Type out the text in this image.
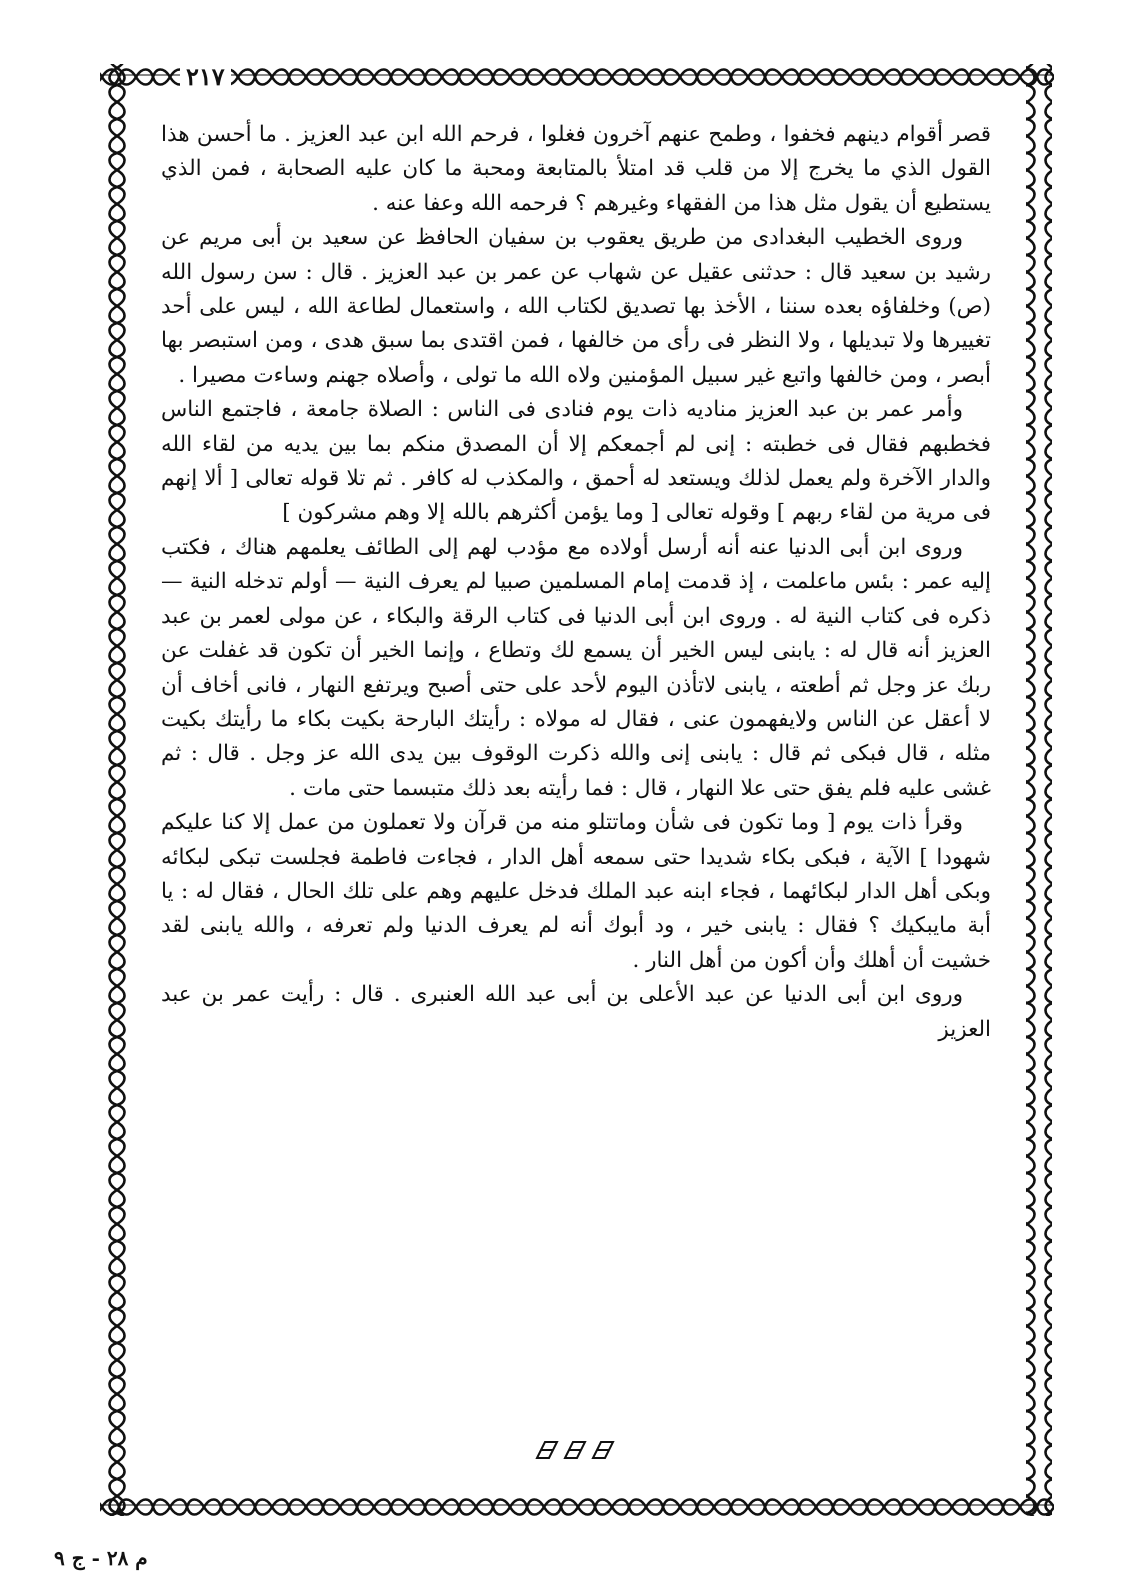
٢١٧

قصر أقوام دينهم فخفوا ، وطمح عنهم آخرون فغلوا ، فرحم الله ابن عبد العزيز . ما أحسن هذا القول الذي ما يخرج إلا من قلب قد امتلأ بالمتابعة ومحبة ما كان عليه الصحابة ، فمن الذي يستطيع أن يقول مثل هذا من الفقهاء وغيرهم ؟ فرحمه الله وعفا عنه .

وروى الخطيب البغدادى من طريق يعقوب بن سفيان الحافظ عن سعيد بن أبى مريم عن رشيد بن سعيد قال : حدثنى عقيل عن شهاب عن عمر بن عبد العزيز . قال : سن رسول الله (ص) وخلفاؤه بعده سننا ، الأخذ بها تصديق لكتاب الله ، واستعمال لطاعة الله ، ليس على أحد تغييرها ولا تبديلها ، ولا النظر فى رأى من خالفها ، فمن اقتدى بما سبق هدى ، ومن استبصر بها أبصر ، ومن خالفها واتبع غير سبيل المؤمنين ولاه الله ما تولى ، وأصلاه جهنم وساءت مصيرا .

وأمر عمر بن عبد العزيز مناديه ذات يوم فنادى فى الناس : الصلاة جامعة ، فاجتمع الناس فخطبهم فقال فى خطبته : إنى لم أجمعكم إلا أن المصدق منكم بما بين يديه من لقاء الله والدار الآخرة ولم يعمل لذلك ويستعد له أحمق ، والمكذب له كافر . ثم تلا قوله تعالى [ ألا إنهم فى مرية من لقاء ربهم ] وقوله تعالى [ وما يؤمن أكثرهم بالله إلا وهم مشركون ]

وروى ابن أبى الدنيا عنه أنه أرسل أولاده مع مؤدب لهم إلى الطائف يعلمهم هناك ، فكتب إليه عمر : بئس ماعلمت ، إذ قدمت إمام المسلمين صبيا لم يعرف النية — أولم تدخله النية — ذكره فى كتاب النية له . وروى ابن أبى الدنيا فى كتاب الرقة والبكاء ، عن مولى لعمر بن عبد العزيز أنه قال له : يابنى ليس الخير أن يسمع لك وتطاع ، وإنما الخير أن تكون قد غفلت عن ربك عز وجل ثم أطعته ، يابنى لاتأذن اليوم لأحد على حتى أصبح ويرتفع النهار ، فانى أخاف أن لا أعقل عن الناس ولايفهمون عنى ، فقال له مولاه : رأيتك البارحة بكيت بكاء ما رأيتك بكيت مثله ، قال فبكى ثم قال : يابنى إنى والله ذكرت الوقوف بين يدى الله عز وجل . قال : ثم غشى عليه فلم يفق حتى علا النهار ، قال : فما رأيته بعد ذلك متبسما حتى مات .

وقرأ ذات يوم [ وما تكون فى شأن وماتتلو منه من قرآن ولا تعملون من عمل إلا كنا عليكم شهودا ] الآية ، فبكى بكاء شديدا حتى سمعه أهل الدار ، فجاءت فاطمة فجلست تبكى لبكائه وبكى أهل الدار لبكائهما ، فجاء ابنه عبد الملك فدخل عليهم وهم على تلك الحال ، فقال له : يا أبة مايبكيك ؟ فقال : يابنى خير ، ود أبوك أنه لم يعرف الدنيا ولم تعرفه ، والله يابنى لقد خشيت أن أهلك وأن أكون من أهل النار .

وروى ابن أبى الدنيا عن عبد الأعلى بن أبى عبد الله العنبرى . قال : رأيت عمر بن عبد العزيز

م ٢٨ - ج ٩
